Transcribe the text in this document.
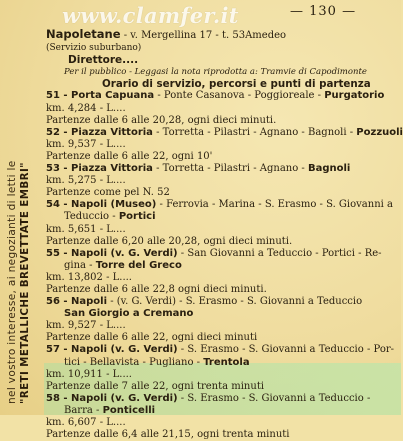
nel vostro interesse, ai negozianti di letti le "RETI METALLICHE BREVETTATE EMBRI"
www.clamfer.it	— 130 —
Napoletane - v. Mergellina 17 - t. 53Amedeo
(Servizio suburbano)
Direttore....
Per il pubblico - Leggasi la nota riprodotta a: Tramvie di Capodimonte
Orario di servizio, percorsi e punti di partenza
51 - Porta Capuana - Ponte Casanova - Poggioreale - Purgatorio
km. 4,284 - L....
Partenze dalle 6 alle 20,28, ogni dieci minuti.
52 - Piazza Vittoria - Torretta - Pilastri - Agnano - Bagnoli - Pozzuoli
km. 9,537 - L....
Partenze dalle 6 alle 22, ogni 10'
53 - Piazza Vittoria - Torretta - Pilastri - Agnano - Bagnoli
km. 5,275 - L....
Partenze come pel N. 52
54 - Napoli (Museo) - Ferrovia - Marina - S. Erasmo - S. Giovanni a
Teduccio - Portici
km. 5,651 - L....
Partenze dalle 6,20 alle 20,28, ogni dieci minuti.
55 - Napoli (v. G. Verdi) - San Giovanni a Teduccio - Portici - Re-
gina - Torre del Greco
km. 13,802 - L....
Partenze dalle 6 alle 22,8 ogni dieci minuti.
56 - Napoli - (v. G. Verdi) - S. Erasmo - S. Giovanni a Teduccio
San Giorgio a Cremano
km. 9,527 - L....
Partenze dalle 6 alle 22, ogni dieci minuti
57 - Napoli (v. G. Verdi) - S. Erasmo - S. Giovanni a Teduccio - Por-
tici - Bellavista - Pugliano - Trentola
km. 10,911 - L....
Partenze dalle 7 alle 22, ogni trenta minuti
58 - Napoli (v. G. Verdi) - S. Erasmo - S. Giovanni a Teduccio -
Barra - Ponticelli
km. 6,607 - L....
Partenze dalle 6,4 alle 21,15, ogni trenta minuti
